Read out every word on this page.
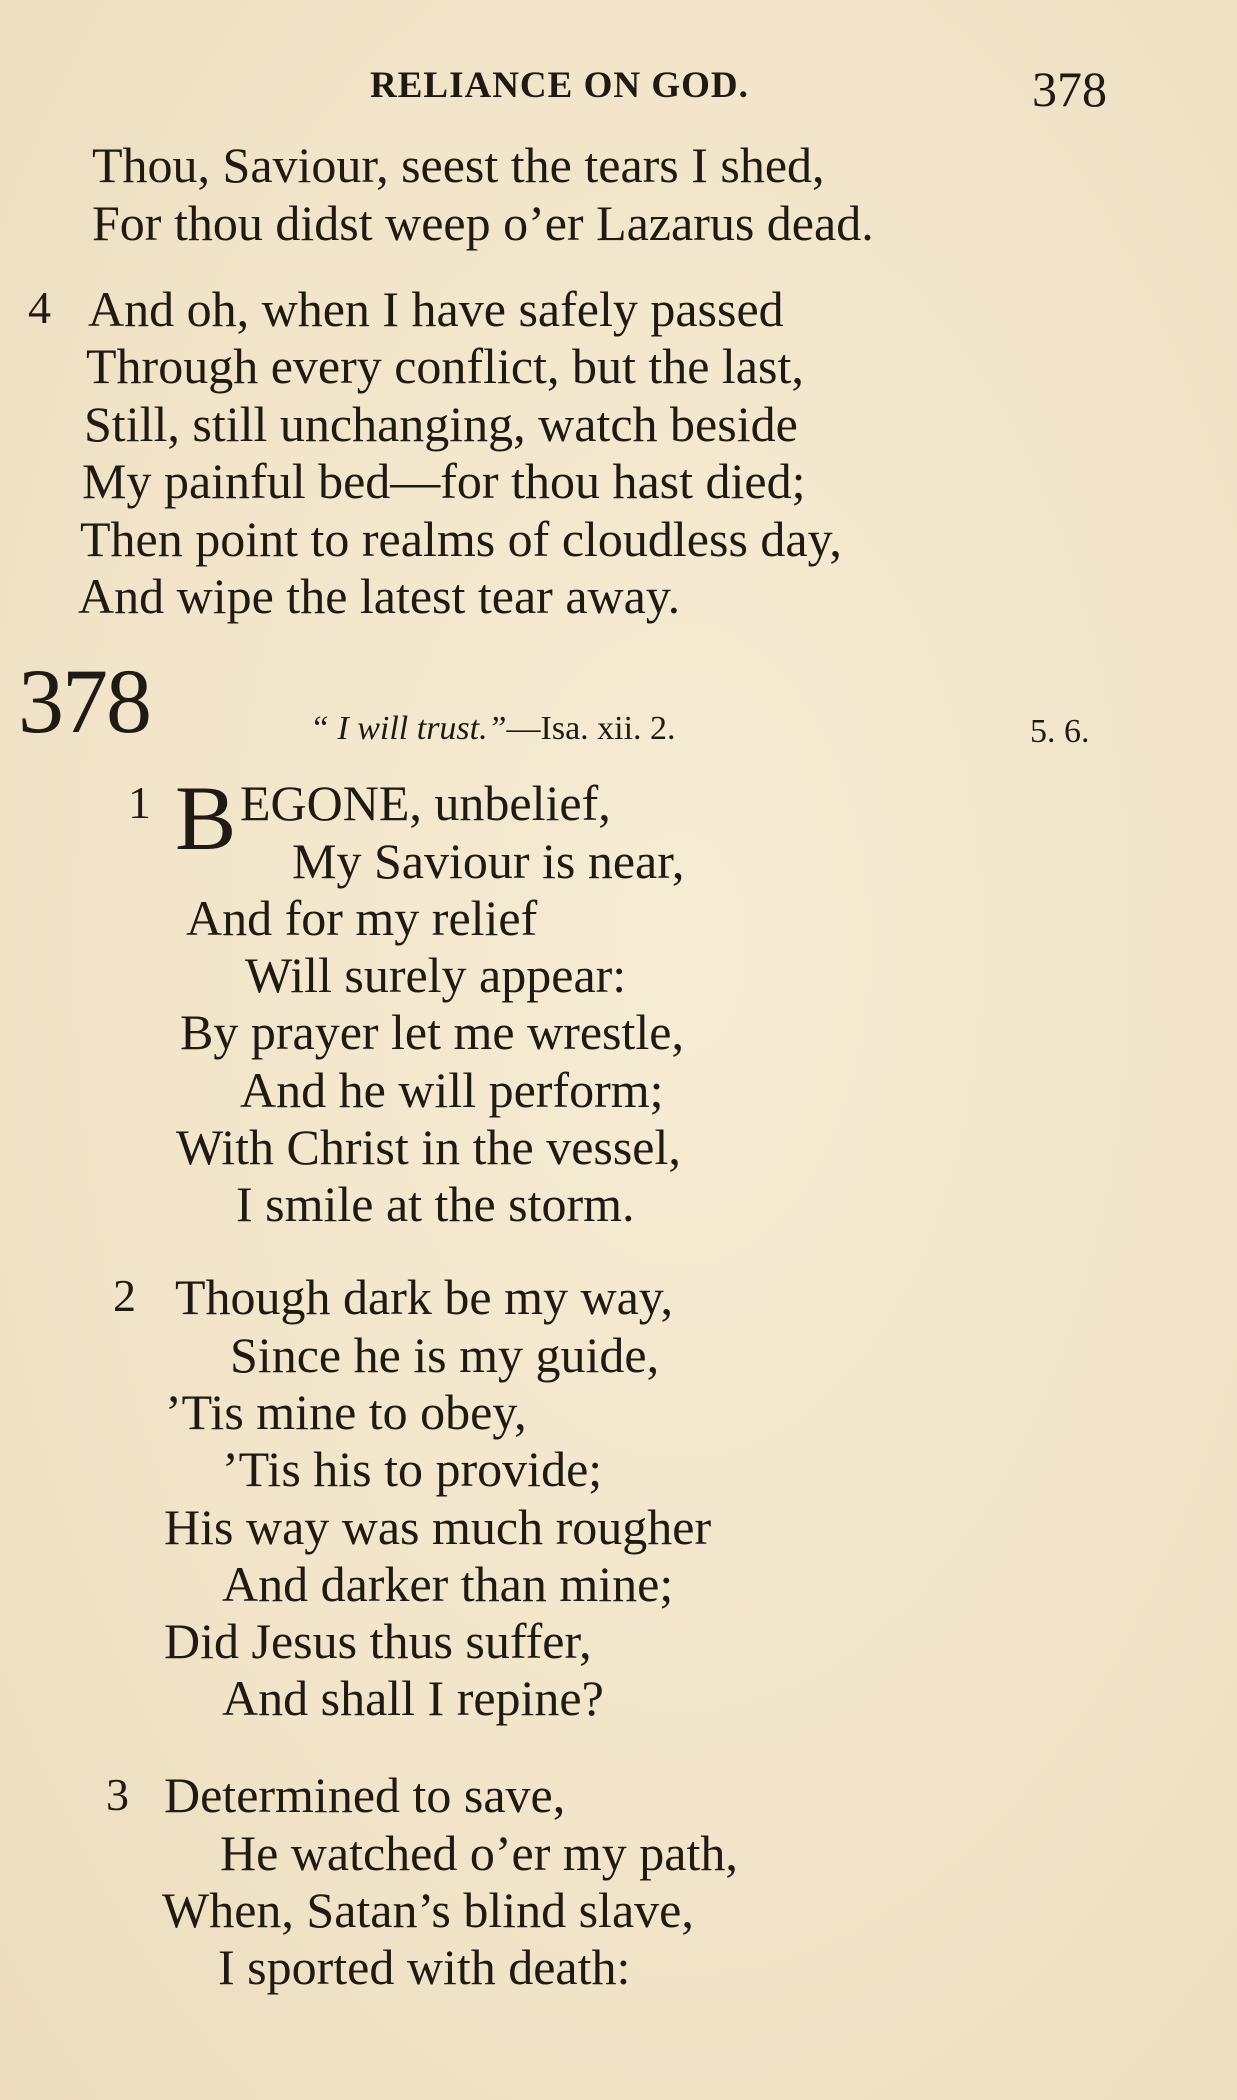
RELIANCE ON GOD.	378
Thou, Saviour, seest the tears I shed,
For thou didst weep o’er Lazarus dead.
4 And oh, when I have safely passed
Through every conflict, but the last,
Still, still unchanging, watch beside
My painful bed—for thou hast died;
Then point to realms of cloudless day,
And wipe the latest tear away.
378	“ I will trust.”—Isa. xii. 2.	5. 6.
1 B EGONE, unbelief,
My Saviour is near,
And for my relief
Will surely appear:
By prayer let me wrestle,
And he will perform;
With Christ in the vessel,
I smile at the storm.
2 Though dark be my way,
Since he is my guide,
’Tis mine to obey,
’Tis his to provide;
His way was much rougher
And darker than mine;
Did Jesus thus suffer,
And shall I repine?
3 Determined to save,
He watched o’er my path,
When, Satan’s blind slave,
I sported with death:
